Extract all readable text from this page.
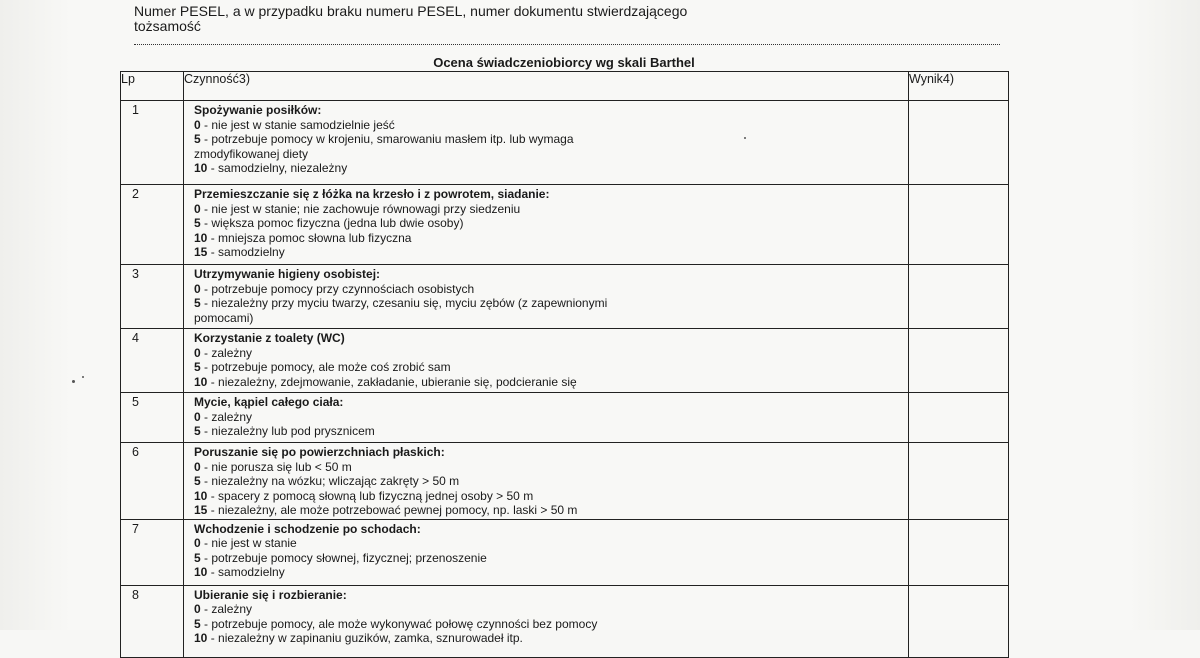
Numer PESEL, a w przypadku braku numeru PESEL, numer dokumentu stwierdzającego
tożsamość
Ocena świadczeniobiorcy wg skali Barthel
Lp	Czynność3)	Wynik4)
1	Spożywanie posiłków:
0 - nie jest w stanie samodzielnie jeść
5 - potrzebuje pomocy w krojeniu, smarowaniu masłem itp. lub wymaga zmodyfikowanej diety
10 - samodzielny, niezależny	

2	Przemieszczanie się z łóżka na krzesło i z powrotem, siadanie:
0 - nie jest w stanie; nie zachowuje równowagi przy siedzeniu
5 - większa pomoc fizyczna (jedna lub dwie osoby)
10 - mniejsza pomoc słowna lub fizyczna
15 - samodzielny	

3	Utrzymywanie higieny osobistej:
0 - potrzebuje pomocy przy czynnościach osobistych
5 - niezależny przy myciu twarzy, czesaniu się, myciu zębów (z zapewnionymi pomocami)	

4	Korzystanie z toalety (WC)
0 - zależny
5 - potrzebuje pomocy, ale może coś zrobić sam
10 - niezależny, zdejmowanie, zakładanie, ubieranie się, podcieranie się	

5	Mycie, kąpiel całego ciała:
0 - zależny
5 - niezależny lub pod prysznicem	

6	Poruszanie się po powierzchniach płaskich:
0 - nie porusza się lub < 50 m
5 - niezależny na wózku; wliczając zakręty > 50 m
10 - spacery z pomocą słowną lub fizyczną jednej osoby > 50 m
15 - niezależny, ale może potrzebować pewnej pomocy, np. laski > 50 m	

7	Wchodzenie i schodzenie po schodach:
0 - nie jest w stanie
5 - potrzebuje pomocy słownej, fizycznej; przenoszenie
10 - samodzielny	

8	Ubieranie się i rozbieranie:
0 - zależny
5 - potrzebuje pomocy, ale może wykonywać połowę czynności bez pomocy
10 - niezależny w zapinaniu guzików, zamka, sznurowadeł itp.	
